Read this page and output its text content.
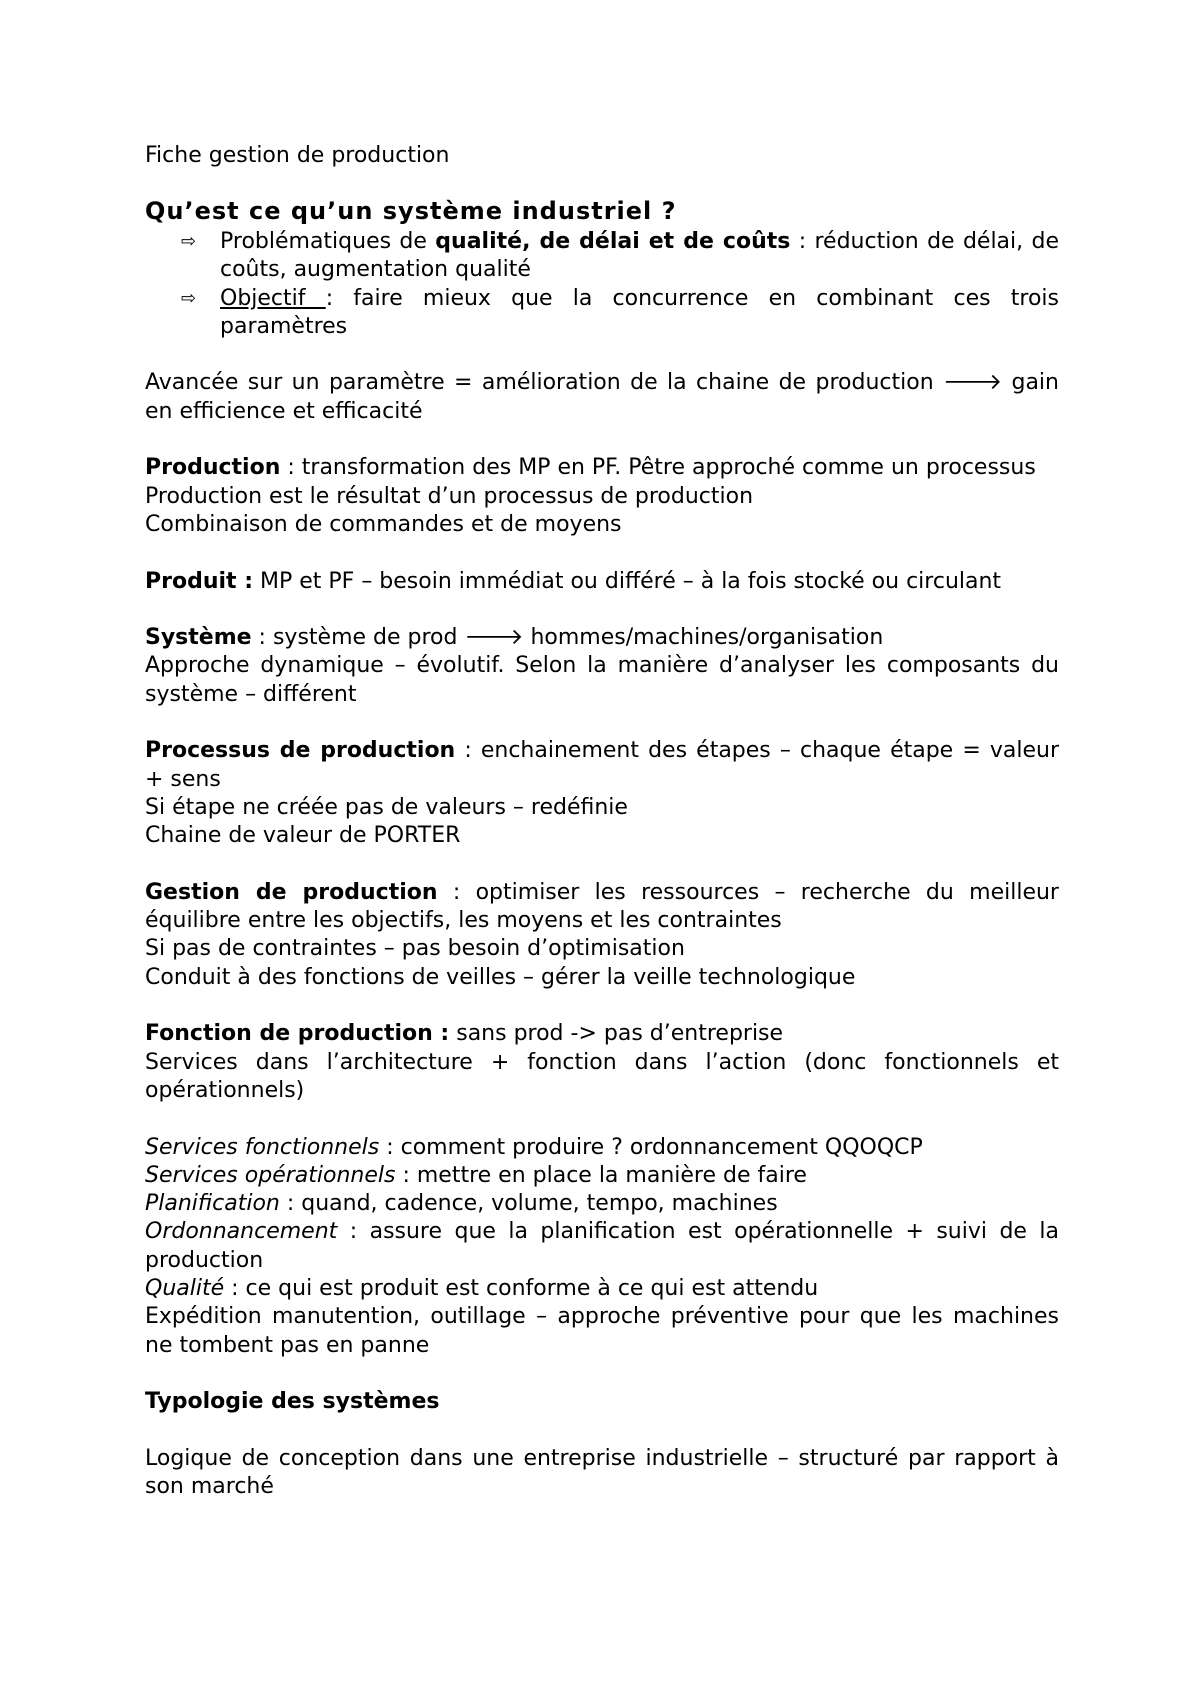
Fiche gestion de production
Qu’est ce qu’un système industriel ?
⇨ Problématiques de qualité, de délai et de coûts : réduction de délai, de coûts, augmentation qualité
⇨ Objectif : faire mieux que la concurrence en combinant ces trois paramètres

Avancée sur un paramètre = amélioration de la chaine de production 🡒 gain en efficience et efficacité

Production : transformation des MP en PF. Pêtre approché comme un processus

Production est le résultat d’un processus de production

Combinaison de commandes et de moyens

Produit : MP et PF – besoin immédiat ou différé – à la fois stocké ou circulant

Système : système de prod 🡒 hommes/machines/organisation

Approche dynamique – évolutif. Selon la manière d’analyser les composants du système – différent

Processus de production : enchainement des étapes – chaque étape = valeur + sens

Si étape ne créée pas de valeurs – redéfinie

Chaine de valeur de PORTER

Gestion de production : optimiser les ressources – recherche du meilleur équilibre entre les objectifs, les moyens et les contraintes

Si pas de contraintes – pas besoin d’optimisation

Conduit à des fonctions de veilles – gérer la veille technologique

Fonction de production : sans prod -> pas d’entreprise

Services dans l’architecture + fonction dans l’action (donc fonctionnels et opérationnels)

Services fonctionnels : comment produire ? ordonnancement QQOQCP

Services opérationnels : mettre en place la manière de faire

Planification : quand, cadence, volume, tempo, machines

Ordonnancement : assure que la planification est opérationnelle + suivi de la production

Qualité : ce qui est produit est conforme à ce qui est attendu

Expédition manutention, outillage – approche préventive pour que les machines ne tombent pas en panne

Typologie des systèmes

Logique de conception dans une entreprise industrielle – structuré par rapport à son marché
